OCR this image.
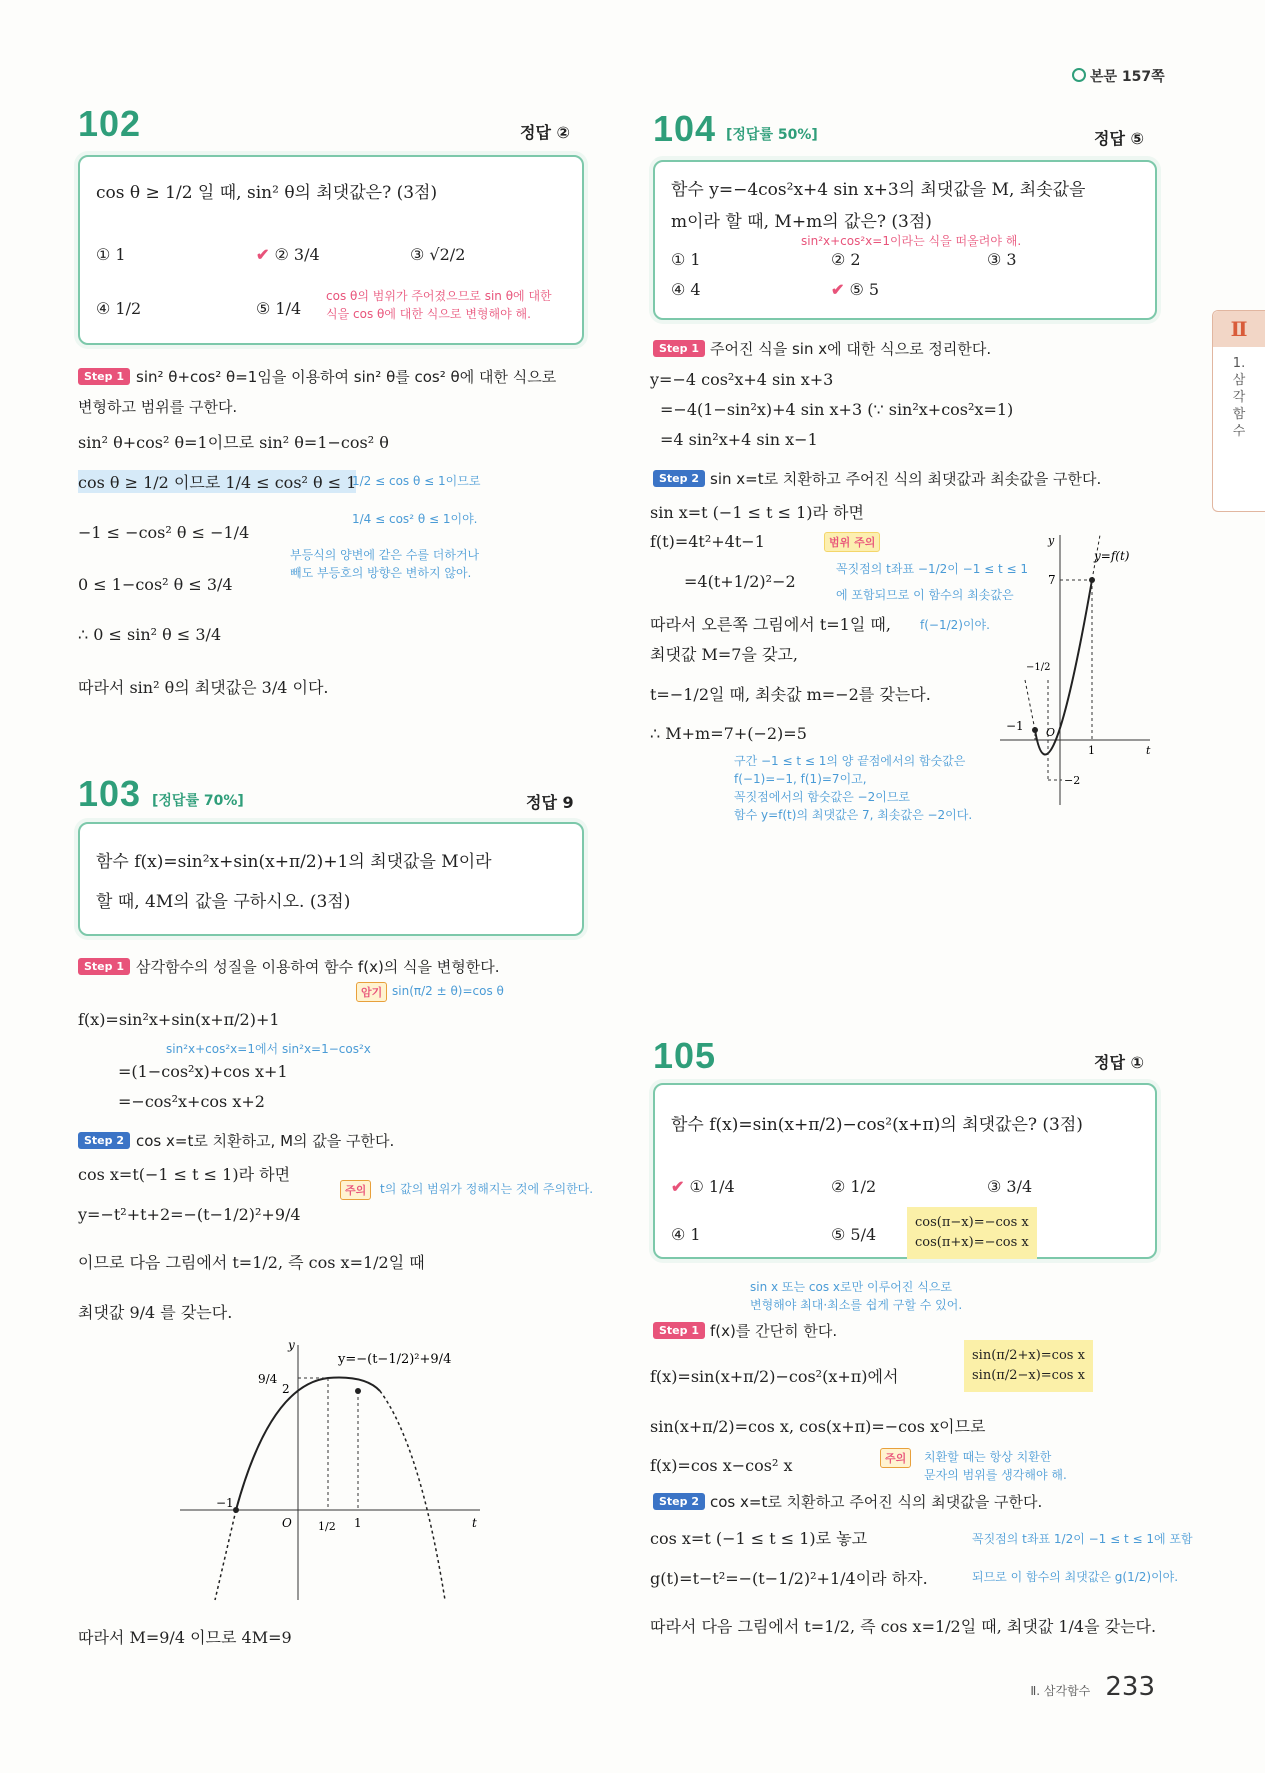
본문 157쪽
Ⅱ
1.
삼
각
함
수
102	정답 ②
cos θ ≥ 1/2 일 때, sin² θ의 최댓값은? (3점)
① 1	✔ ② 3/4	③ √2/2
④ 1/2	⑤ 1/4
cos θ의 범위가 주어졌으므로 sin θ에 대한
식을 cos θ에 대한 식으로 변형해야 해.
Step 1 sin² θ+cos² θ=1임을 이용하여 sin² θ를 cos² θ에 대한 식으로
변형하고 범위를 구한다.
sin² θ+cos² θ=1이므로 sin² θ=1−cos² θ
cos θ ≥ 1/2 이므로 1/4 ≤ cos² θ ≤ 1
1/2 ≤ cos θ ≤ 1이므로
1/4 ≤ cos² θ ≤ 1이야.
−1 ≤ −cos² θ ≤ −1/4
부등식의 양변에 같은 수를 더하거나
빼도 부등호의 방향은 변하지 않아.
0 ≤ 1−cos² θ ≤ 3/4
∴ 0 ≤ sin² θ ≤ 3/4
따라서 sin² θ의 최댓값은 3/4 이다.
103 [정답률 70%]	정답 9
함수 f(x)=sin²x+sin(x+π/2)+1의 최댓값을 M이라
할 때, 4M의 값을 구하시오. (3점)
Step 1 삼각함수의 성질을 이용하여 함수 f(x)의 식을 변형한다.
암기 sin(π/2 ± θ)=cos θ
f(x)=sin²x+sin(x+π/2)+1
sin²x+cos²x=1에서 sin²x=1−cos²x
=(1−cos²x)+cos x+1
=−cos²x+cos x+2
Step 2 cos x=t로 치환하고, M의 값을 구한다.
cos x=t(−1 ≤ t ≤ 1)라 하면
주의	t의 값의 범위가 정해지는 것에 주의한다.
y=−t²+t+2=−(t−1/2)²+9/4
이므로 다음 그림에서 t=1/2, 즉 cos x=1/2일 때
최댓값 9/4 를 갖는다.
y
t
y=−(t−1/2)²+9/4
9/4
2
−1
O 1/2 1
따라서 M=9/4 이므로 4M=9
104 [정답률 50%]	정답 ⑤
함수 y=−4cos²x+4 sin x+3의 최댓값을 M, 최솟값을
m이라 할 때, M+m의 값은? (3점)
sin²x+cos²x=1이라는 식을 떠올려야 해.
① 1	② 2	③ 3
④ 4	✔ ⑤ 5
Step 1 주어진 식을 sin x에 대한 식으로 정리한다.
y=−4 cos²x+4 sin x+3
=−4(1−sin²x)+4 sin x+3 (∵ sin²x+cos²x=1)
=4 sin²x+4 sin x−1
Step 2 sin x=t로 치환하고 주어진 식의 최댓값과 최솟값을 구한다.
sin x=t (−1 ≤ t ≤ 1)라 하면
f(t)=4t²+4t−1	범위 주의
=4(t+1/2)²−2
꼭짓점의 t좌표 −1/2이 −1 ≤ t ≤ 1
에 포함되므로 이 함수의 최솟값은
따라서 오른쪽 그림에서 t=1일 때, f(−1/2)이야.
최댓값 M=7을 갖고,
t=−1/2일 때, 최솟값 m=−2를 갖는다.
∴ M+m=7+(−2)=5
구간 −1 ≤ t ≤ 1의 양 끝점에서의 함숫값은
f(−1)=−1, f(1)=7이고,
꼭짓점에서의 함숫값은 −2이므로
함수 y=f(t)의 최댓값은 7, 최솟값은 −2이다.
y
t
y=f(t)
7
−1/2
−1 O
1
−2
105	정답 ①
함수 f(x)=sin(x+π/2)−cos²(x+π)의 최댓값은? (3점)
✔ ① 1/4	② 1/2	③ 3/4
④ 1	⑤ 5/4
cos(π−x)=−cos x
cos(π+x)=−cos x
sin x 또는 cos x로만 이루어진 식으로
변형해야 최대·최소를 쉽게 구할 수 있어.
Step 1 f(x)를 간단히 한다.
f(x)=sin(x+π/2)−cos²(x+π)에서
sin(π/2+x)=cos x
sin(π/2−x)=cos x
sin(x+π/2)=cos x, cos(x+π)=−cos x이므로
주의	치환할 때는 항상 치환한
문자의 범위를 생각해야 해.
f(x)=cos x−cos² x
Step 2 cos x=t로 치환하고 주어진 식의 최댓값을 구한다.
cos x=t (−1 ≤ t ≤ 1)로 놓고	꼭짓점의 t좌표 1/2이 −1 ≤ t ≤ 1에 포함
g(t)=t−t²=−(t−1/2)²+1/4이라 하자.	되므로 이 함수의 최댓값은 g(1/2)이야.
따라서 다음 그림에서 t=1/2, 즉 cos x=1/2일 때, 최댓값 1/4을 갖는다.
Ⅱ. 삼각함수 233
